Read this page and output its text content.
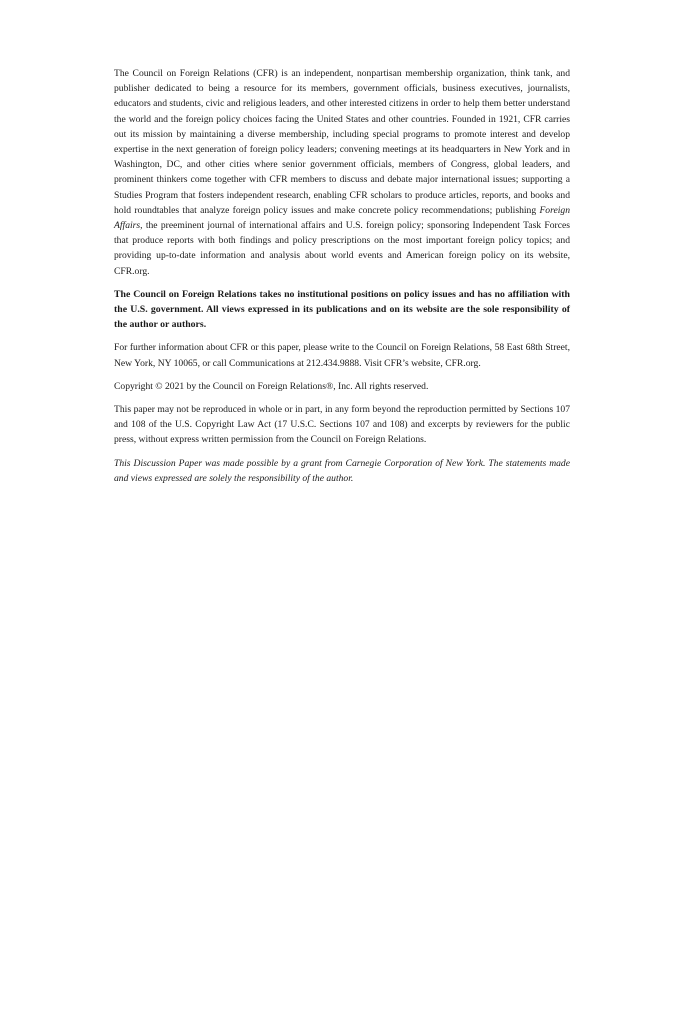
The Council on Foreign Relations (CFR) is an independent, nonpartisan membership organization, think tank, and publisher dedicated to being a resource for its members, government officials, business executives, journalists, educators and students, civic and religious leaders, and other interested citizens in order to help them better understand the world and the foreign policy choices facing the United States and other countries. Founded in 1921, CFR carries out its mission by maintaining a diverse membership, including special programs to promote interest and develop expertise in the next generation of foreign policy leaders; convening meetings at its headquarters in New York and in Washington, DC, and other cities where senior government officials, members of Congress, global leaders, and prominent thinkers come together with CFR members to discuss and debate major international issues; supporting a Studies Program that fosters independent research, enabling CFR scholars to produce articles, reports, and books and hold roundtables that analyze foreign policy issues and make concrete policy recommendations; publishing Foreign Affairs, the preeminent journal of international affairs and U.S. foreign policy; sponsoring Independent Task Forces that produce reports with both findings and policy prescriptions on the most important foreign policy topics; and providing up-to-date information and analysis about world events and American foreign policy on its website, CFR.org.

The Council on Foreign Relations takes no institutional positions on policy issues and has no affiliation with the U.S. government. All views expressed in its publications and on its website are the sole responsibility of the author or authors.

For further information about CFR or this paper, please write to the Council on Foreign Relations, 58 East 68th Street, New York, NY 10065, or call Communications at 212.434.9888. Visit CFR’s website, CFR.org.

Copyright © 2021 by the Council on Foreign Relations®, Inc. All rights reserved.

This paper may not be reproduced in whole or in part, in any form beyond the reproduction permitted by Sections 107 and 108 of the U.S. Copyright Law Act (17 U.S.C. Sections 107 and 108) and excerpts by reviewers for the public press, without express written permission from the Council on Foreign Relations.

This Discussion Paper was made possible by a grant from Carnegie Corporation of New York. The statements made and views expressed are solely the responsibility of the author.
